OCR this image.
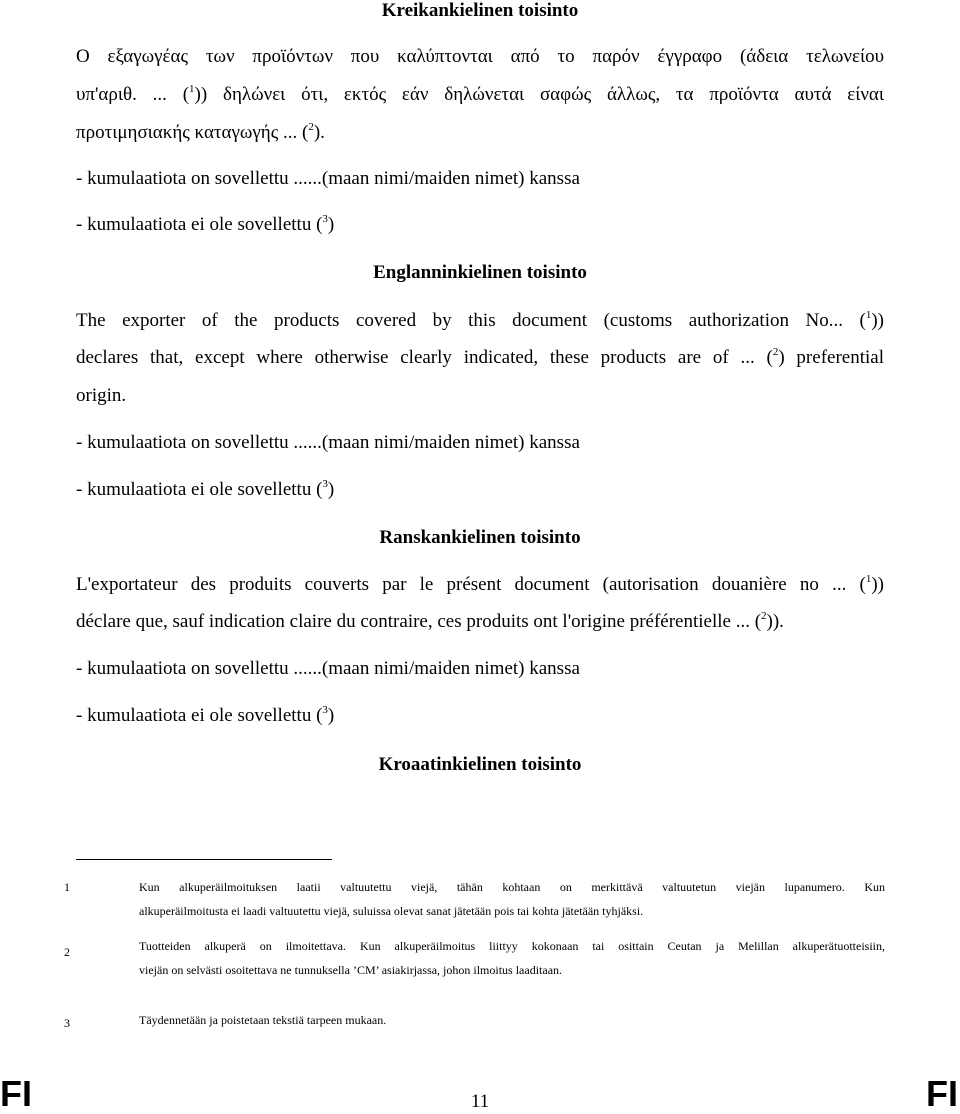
Kreikankielinen toisinto
Ο εξαγωγέας των προϊόντων που καλύπτονται από το παρόν έγγραφο (άδεια τελωνείου
υπ'αριθ. ... ($^1$)) δηλώνει ότι, εκτός εάν δηλώνεται σαφώς άλλως, τα προϊόντα αυτά είναι
προτιμησιακής καταγωγής ... ($^2$).
- kumulaatiota on sovellettu ......(maan nimi/maiden nimet) kanssa
- kumulaatiota ei ole sovellettu ($^3$)
Englanninkielinen toisinto
The exporter of the products covered by this document (customs authorization No... ($^1$))
declares that, except where otherwise clearly indicated, these products are of ... ($^2$) preferential
origin.
- kumulaatiota on sovellettu ......(maan nimi/maiden nimet) kanssa
- kumulaatiota ei ole sovellettu ($^3$)
Ranskankielinen toisinto
L'exportateur des produits couverts par le présent document (autorisation douanière no ... ($^1$))
déclare que, sauf indication claire du contraire, ces produits ont l'origine préférentielle ... ($^2$)).
- kumulaatiota on sovellettu ......(maan nimi/maiden nimet) kanssa
- kumulaatiota ei ole sovellettu ($^3$)
Kroaatinkielinen toisinto
1	Kun alkuperäilmoituksen laatii valtuutettu viejä, tähän kohtaan on merkittävä valtuutetun viejän lupanumero. Kun
alkuperäilmoitusta ei laadi valtuutettu viejä, suluissa olevat sanat jätetään pois tai kohta jätetään tyhjäksi.
2	Tuotteiden alkuperä on ilmoitettava. Kun alkuperäilmoitus liittyy kokonaan tai osittain Ceutan ja Melillan alkuperätuotteisiin,
viejän on selvästi osoitettava ne tunnuksella ’CM’ asiakirjassa, johon ilmoitus laaditaan.
3	Täydennetään ja poistetaan tekstiä tarpeen mukaan.
FI	FI
11
